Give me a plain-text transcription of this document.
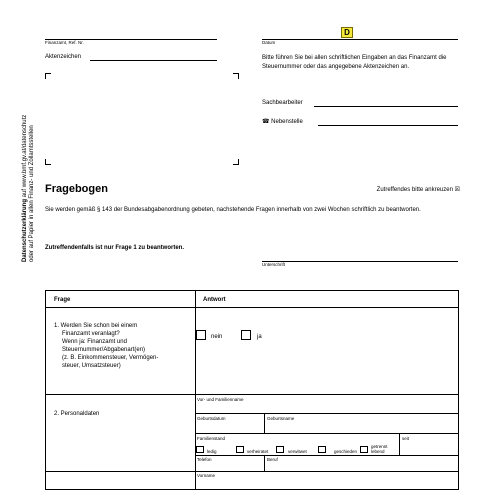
Datenschutzerklärung auf www.bmf.gv.at/datenschutz oder auf Papier in allen Finanz- und Zollamtsstellen
D
Finanzamt, Ref. Nr.
Aktenzeichen
Datum
Bitte führen Sie bei allen schriftlichen Eingaben an das Finanzamt die Steuernummer oder das angegebene Aktenzeichen an.
Sachbearbeiter
☎ Nebenstelle
Fragebogen	Zutreffendes bitte ankreuzen ☒
Sie werden gemäß § 143 der Bundesabgabenordnung gebeten, nachstehende Fragen innerhalb von zwei Wochen schriftlich zu beantworten.
Zutreffendenfalls ist nur Frage 1 zu beantworten.
Unterschrift
Frage	Antwort
1. Werden Sie schon bei einem
Finanzamt veranlagt?
Wenn ja: Finanzamt und
Steuernummer/Abgabenart(en)
(z. B. Einkommensteuer, Vermögen-
steuer, Umsatzsteuer)
nein	ja
2. Personaldaten
Vor- und Familienname
Geburtsdatum	Geburtsname
Familienstand	seit
ledig	verheiratet	verwitwet	geschieden
getrennt
lebend
Telefon	Beruf
Vorname
